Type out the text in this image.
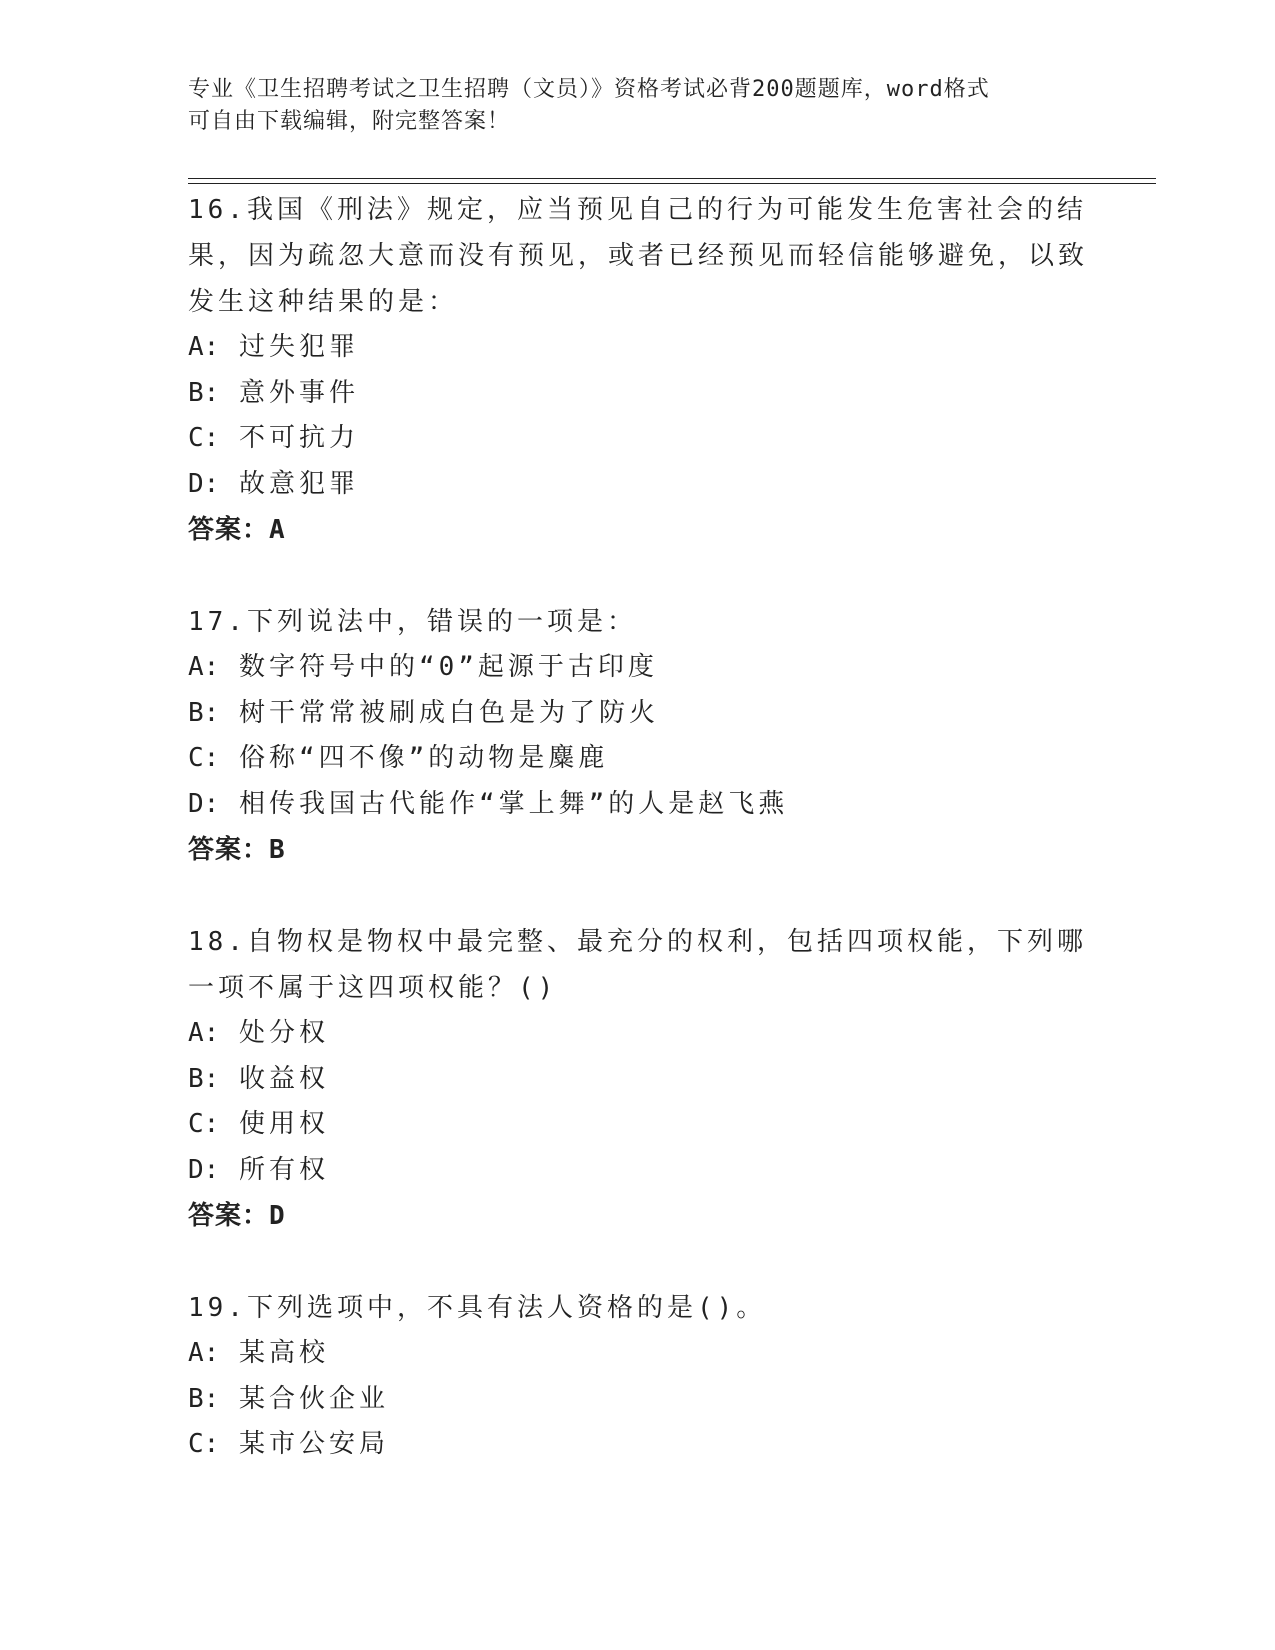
专业《卫生招聘考试之卫生招聘（文员）》资格考试必背200题题库，word格式
可自由下载编辑，附完整答案！
16.我国《刑法》规定，应当预见自己的行为可能发生危害社会的结果，因为疏忽大意而没有预见，或者已经预见而轻信能够避免，以致发生这种结果的是：
A: 过失犯罪
B: 意外事件
C: 不可抗力
D: 故意犯罪
答案：A
17.下列说法中，错误的一项是：
A: 数字符号中的“0”起源于古印度
B: 树干常常被刷成白色是为了防火
C: 俗称“四不像”的动物是麋鹿
D: 相传我国古代能作“掌上舞”的人是赵飞燕
答案：B
18.自物权是物权中最完整、最充分的权利，包括四项权能，下列哪一项不属于这四项权能？()
A: 处分权
B: 收益权
C: 使用权
D: 所有权
答案：D
19.下列选项中，不具有法人资格的是()。
A: 某高校
B: 某合伙企业
C: 某市公安局
